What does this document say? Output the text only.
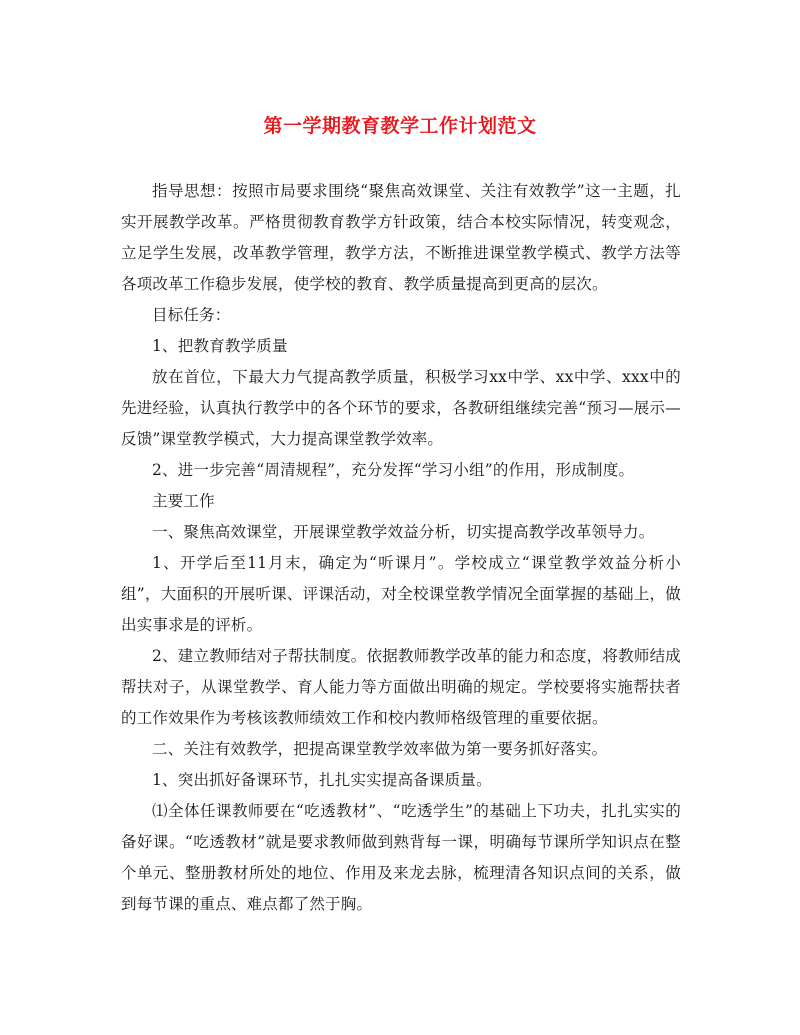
第一学期教育教学工作计划范文

指导思想：按照市局要求围绕“聚焦高效课堂、关注有效教学”这一主题，扎实开展教学改革。严格贯彻教育教学方针政策，结合本校实际情况，转变观念，立足学生发展，改革教学管理，教学方法，不断推进课堂教学模式、教学方法等各项改革工作稳步发展，使学校的教育、教学质量提高到更高的层次。

目标任务：

1、把教育教学质量

放在首位，下最大力气提高教学质量，积极学习xx中学、xx中学、xxx中的先进经验，认真执行教学中的各个环节的要求，各教研组继续完善“预习—展示—反馈”课堂教学模式，大力提高课堂教学效率。

2、进一步完善“周清规程”，充分发挥“学习小组”的作用，形成制度。

主要工作

一、聚焦高效课堂，开展课堂教学效益分析，切实提高教学改革领导力。

1、开学后至11月末，确定为“听课月”。学校成立“课堂教学效益分析小组”，大面积的开展听课、评课活动，对全校课堂教学情况全面掌握的基础上，做出实事求是的评析。

2、建立教师结对子帮扶制度。依据教师教学改革的能力和态度，将教师结成帮扶对子，从课堂教学、育人能力等方面做出明确的规定。学校要将实施帮扶者的工作效果作为考核该教师绩效工作和校内教师格级管理的重要依据。

二、关注有效教学，把提高课堂教学效率做为第一要务抓好落实。

1、突出抓好备课环节，扎扎实实提高备课质量。

⑴全体任课教师要在“吃透教材”、“吃透学生”的基础上下功夫，扎扎实实的备好课。“吃透教材”就是要求教师做到熟背每一课，明确每节课所学知识点在整个单元、整册教材所处的地位、作用及来龙去脉，梳理清各知识点间的关系，做到每节课的重点、难点都了然于胸。
